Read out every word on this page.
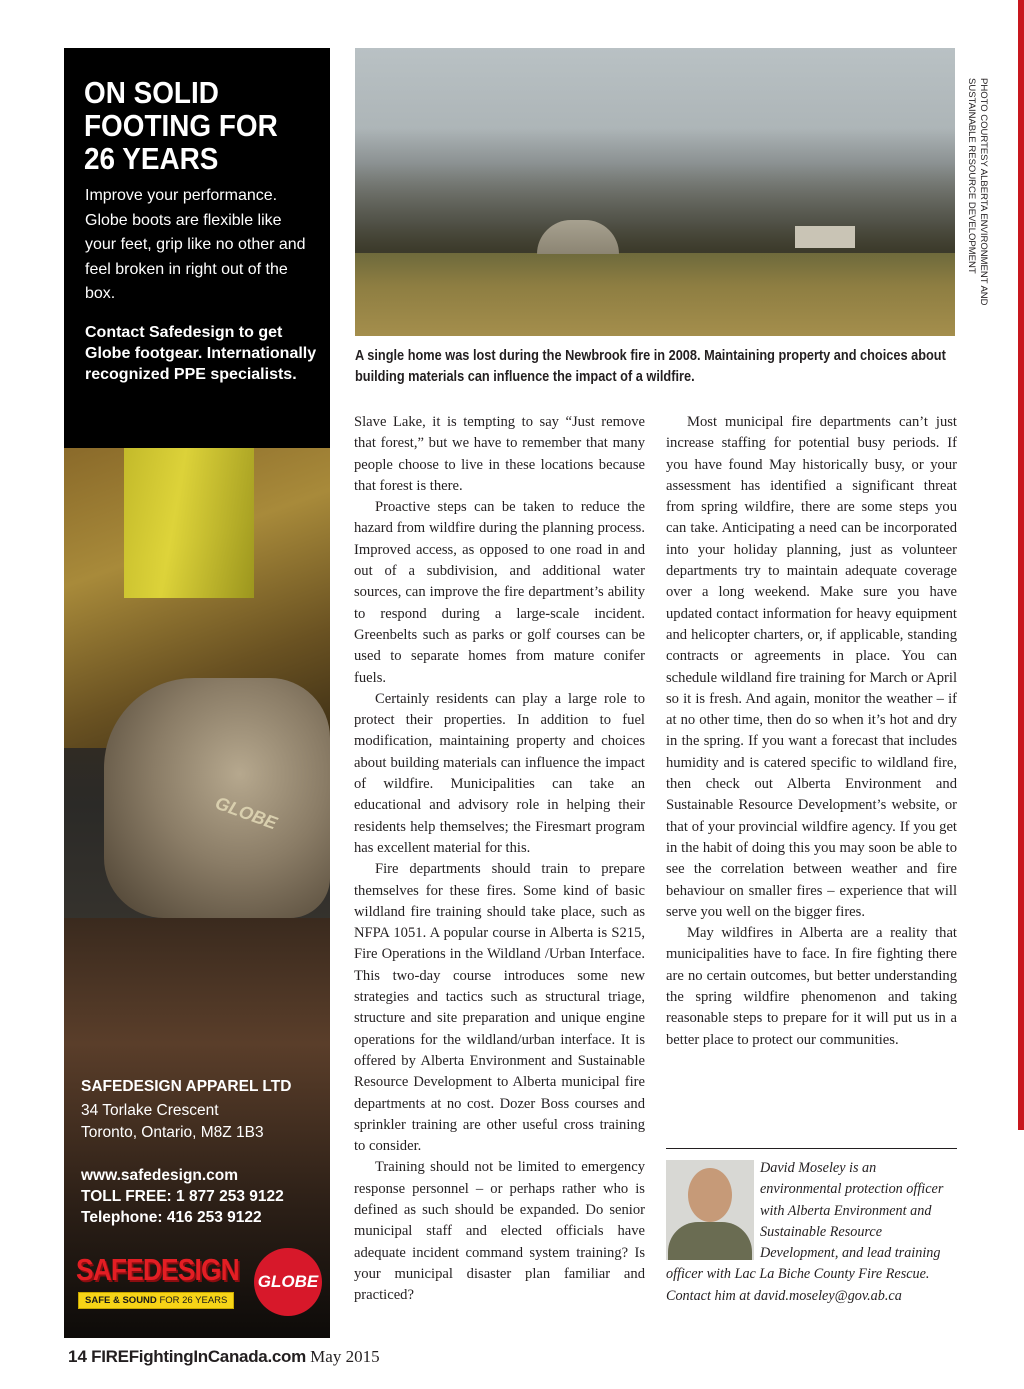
GLOBE
ON SOLID FOOTING FOR 26 YEARS

Improve your performance. Globe boots are flexible like your feet, grip like no other and feel broken in right out of the box.

Contact Safedesign to get Globe footgear. Internationally recognized PPE specialists.

SAFEDESIGN APPAREL LTD
34 Torlake Crescent
Toronto, Ontario, M8Z 1B3
www.safedesign.com
TOLL FREE: 1 877 253 9122
Telephone: 416 253 9122
SAFEDESIGN
SAFE & SOUND FOR 26 YEARS
GLOBE
PHOTO COURTESY ALBERTA ENVIRONMENT AND SUSTAINABLE RESOURCE DEVELOPMENT

A single home was lost during the Newbrook fire in 2008. Maintaining property and choices about
building materials can influence the impact of a wildfire.

Slave Lake, it is tempting to say “Just remove that forest,” but we have to remember that many people choose to live in these locations because that forest is there.

Proactive steps can be taken to reduce the hazard from wildfire during the planning process. Improved access, as opposed to one road in and out of a subdivision, and additional water sources, can improve the fire department’s ability to respond during a large-scale incident. Greenbelts such as parks or golf courses can be used to separate homes from mature conifer fuels.

Certainly residents can play a large role to protect their properties. In addition to fuel modification, maintaining property and choices about building materials can influence the impact of wildfire. Municipalities can take an educational and advisory role in helping their residents help themselves; the Firesmart program has excellent material for this.

Fire departments should train to prepare themselves for these fires. Some kind of basic wildland fire training should take place, such as NFPA 1051. A popular course in Alberta is S215, Fire Operations in the Wildland /Urban Interface. This two-day course introduces some new strategies and tactics such as structural triage, structure and site preparation and unique engine operations for the wildland/urban interface. It is offered by Alberta Environment and Sustainable Resource Development to Alberta municipal fire departments at no cost. Dozer Boss courses and sprinkler training are other useful cross training to consider.

Training should not be limited to emergency response personnel – or perhaps rather who is defined as such should be expanded. Do senior municipal staff and elected officials have adequate incident command system training? Is your municipal disaster plan familiar and practiced?

Most municipal fire departments can’t just increase staffing for potential busy periods. If you have found May historically busy, or your assessment has identified a significant threat from spring wildfire, there are some steps you can take. Anticipating a need can be incorporated into your holiday planning, just as volunteer departments try to maintain adequate coverage over a long weekend. Make sure you have updated contact information for heavy equipment and helicopter charters, or, if applicable, standing contracts or agreements in place. You can schedule wildland fire training for March or April so it is fresh. And again, monitor the weather – if at no other time, then do so when it’s hot and dry in the spring. If you want a forecast that includes humidity and is catered specific to wildland fire, then check out Alberta Environment and Sustainable Resource Development’s website, or that of your provincial wildfire agency. If you get in the habit of doing this you may soon be able to see the correlation between weather and fire behaviour on smaller fires – experience that will serve you well on the bigger fires.

May wildfires in Alberta are a reality that municipalities have to face. In fire fighting there are no certain outcomes, but better understanding the spring wildfire phenomenon and taking reasonable steps to prepare for it will put us in a better place to protect our communities.

David Moseley is an environmental protection officer with Alberta Environment and Sustainable Resource Development, and lead training officer with Lac La Biche County Fire Rescue. Contact him at david.moseley@gov.ab.ca
14 FIREFightingInCanada.com May 2015
